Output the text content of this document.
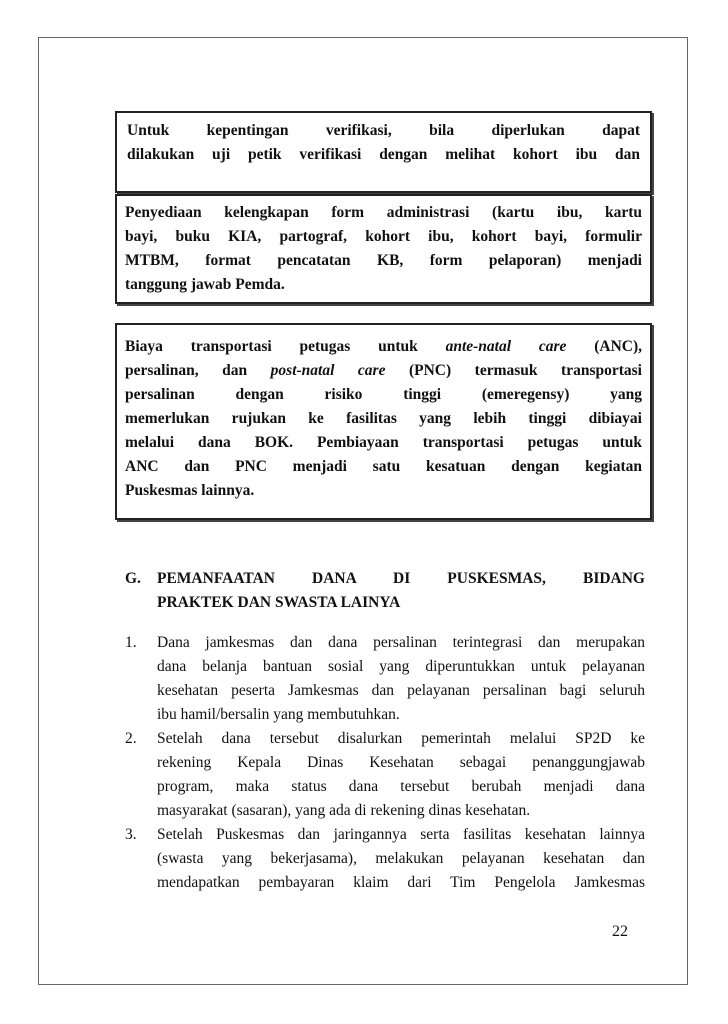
Untuk kepentingan verifikasi, bila diperlukan dapat
dilakukan uji petik verifikasi dengan melihat kohort ibu dan
Penyediaan kelengkapan form administrasi (kartu ibu, kartu
bayi, buku KIA, partograf, kohort ibu, kohort bayi, formulir
MTBM, format pencatatan KB, form pelaporan) menjadi
tanggung jawab Pemda.
Biaya transportasi petugas untuk ante-natal care (ANC),
persalinan, dan post-natal care (PNC) termasuk transportasi
persalinan dengan risiko tinggi (emeregensy) yang
memerlukan rujukan ke fasilitas yang lebih tinggi dibiayai
melalui dana BOK. Pembiayaan transportasi petugas untuk
ANC dan PNC menjadi satu kesatuan dengan kegiatan
Puskesmas lainnya.
G.	PEMANFAATAN DANA DI PUSKESMAS, BIDANG
PRAKTEK DAN SWASTA LAINYA
1.	Dana jamkesmas dan dana persalinan terintegrasi dan merupakan
dana belanja bantuan sosial yang diperuntukkan untuk pelayanan
kesehatan peserta Jamkesmas dan pelayanan persalinan bagi seluruh
ibu hamil/bersalin yang membutuhkan.
2.	Setelah dana tersebut disalurkan pemerintah melalui SP2D ke
rekening Kepala Dinas Kesehatan sebagai penanggungjawab
program, maka status dana tersebut berubah menjadi dana
masyarakat (sasaran), yang ada di rekening dinas kesehatan.
3.	Setelah Puskesmas dan jaringannya serta fasilitas kesehatan lainnya
(swasta yang bekerjasama), melakukan pelayanan kesehatan dan
mendapatkan pembayaran klaim dari Tim Pengelola Jamkesmas
22
